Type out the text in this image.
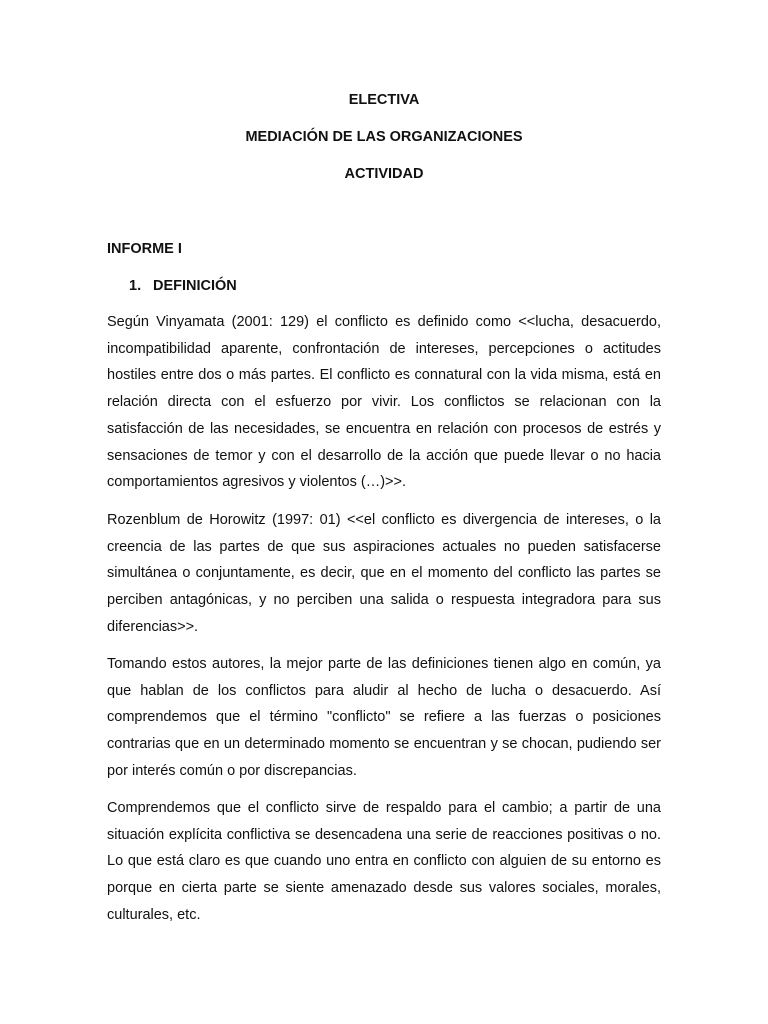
ELECTIVA

MEDIACIÓN DE LAS ORGANIZACIONES

ACTIVIDAD

INFORME I

1. DEFINICIÓN

Según Vinyamata (2001: 129) el conflicto es definido como <<lucha, desacuerdo, incompatibilidad aparente, confrontación de intereses, percepciones o actitudes hostiles entre dos o más partes. El conflicto es connatural con la vida misma, está en relación directa con el esfuerzo por vivir. Los conflictos se relacionan con la satisfacción de las necesidades, se encuentra en relación con procesos de estrés y sensaciones de temor y con el desarrollo de la acción que puede llevar o no hacia comportamientos agresivos y violentos (…)>>.

Rozenblum de Horowitz (1997: 01) <<el conflicto es divergencia de intereses, o la creencia de las partes de que sus aspiraciones actuales no pueden satisfacerse simultánea o conjuntamente, es decir, que en el momento del conflicto las partes se perciben antagónicas, y no perciben una salida o respuesta integradora para sus diferencias>>.

Tomando estos autores, la mejor parte de las definiciones tienen algo en común, ya que hablan de los conflictos para aludir al hecho de lucha o desacuerdo. Así comprendemos que el término "conflicto" se refiere a las fuerzas o posiciones contrarias que en un determinado momento se encuentran y se chocan, pudiendo ser por interés común o por discrepancias.

Comprendemos que el conflicto sirve de respaldo para el cambio; a partir de una situación explícita conflictiva se desencadena una serie de reacciones positivas o no. Lo que está claro es que cuando uno entra en conflicto con alguien de su entorno es porque en cierta parte se siente amenazado desde sus valores sociales, morales, culturales, etc.
